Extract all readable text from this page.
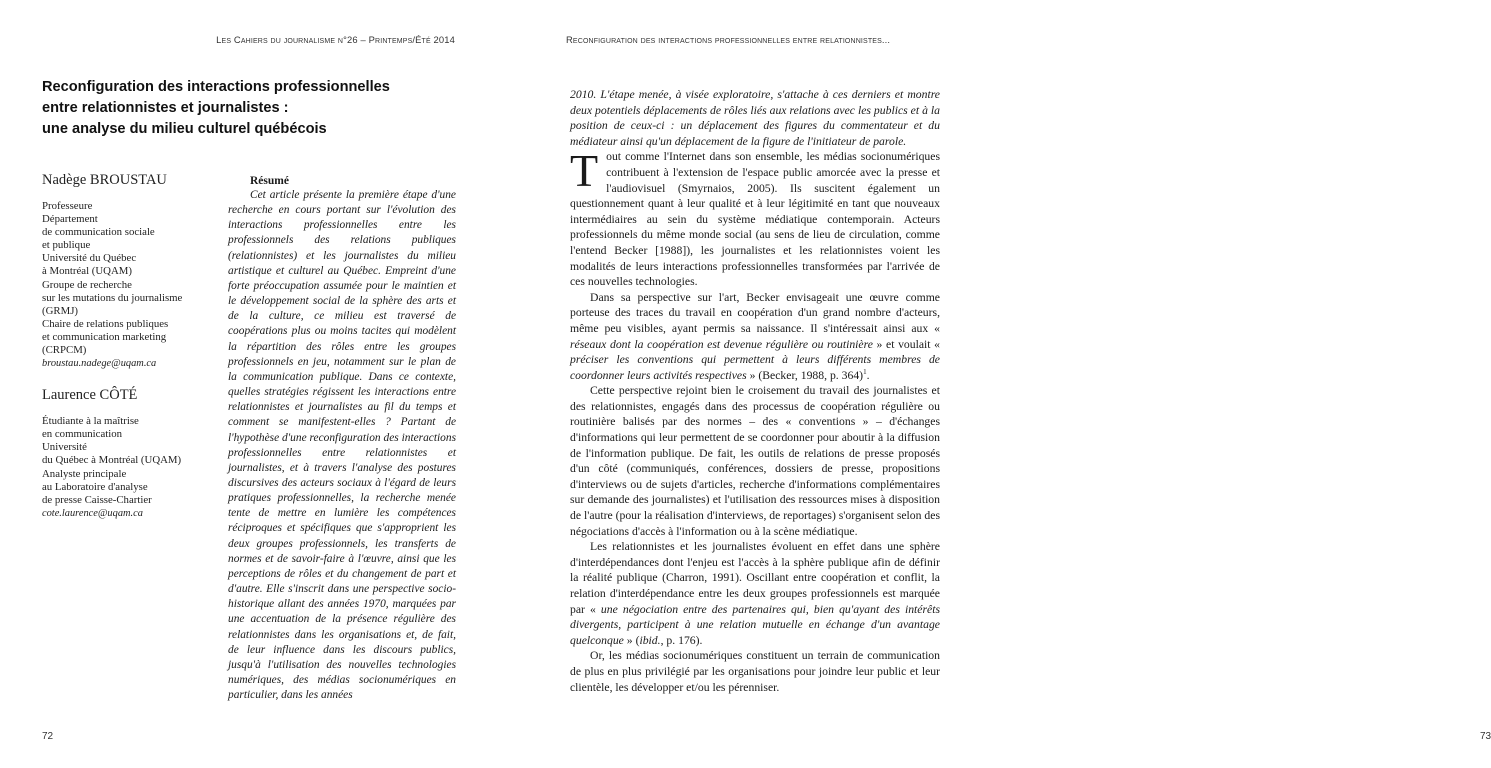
Les Cahiers du journalisme n°26 – Printemps/Été 2014
Reconfiguration des interactions professionnelles
entre relationnistes et journalistes :
une analyse du milieu culturel québécois
Nadège BROUSTAU
Professeure
Département
de communication sociale
et publique
Université du Québec
à Montréal (UQAM)
Groupe de recherche
sur les mutations du journalisme
(GRMJ)
Chaire de relations publiques
et communication marketing
(CRPCM)
broustau.nadege@uqam.ca
Laurence CÔTÉ
Étudiante à la maîtrise
en communication
Université
du Québec à Montréal (UQAM)
Analyste principale
au Laboratoire d'analyse
de presse Caisse-Chartier
cote.laurence@uqam.ca
Résumé

Cet article présente la première étape d'une recherche en cours portant sur l'évolution des interactions professionnelles entre les professionnels des relations publiques (relationnistes) et les journalistes du milieu artistique et culturel au Québec. Empreint d'une forte préoccupation assumée pour le maintien et le développement social de la sphère des arts et de la culture, ce milieu est traversé de coopérations plus ou moins tacites qui modèlent la répartition des rôles entre les groupes professionnels en jeu, notamment sur le plan de la communication publique. Dans ce contexte, quelles stratégies régissent les interactions entre relationnistes et journalistes au fil du temps et comment se manifestent-elles ? Partant de l'hypothèse d'une reconfiguration des interactions professionnelles entre relationnistes et journalistes, et à travers l'analyse des postures discursives des acteurs sociaux à l'égard de leurs pratiques professionnelles, la recherche menée tente de mettre en lumière les compétences réciproques et spécifiques que s'approprient les deux groupes professionnels, les transferts de normes et de savoir-faire à l'œuvre, ainsi que les perceptions de rôles et du changement de part et d'autre. Elle s'inscrit dans une perspective socio-historique allant des années 1970, marquées par une accentuation de la présence régulière des relationnistes dans les organisations et, de fait, de leur influence dans les discours publics, jusqu'à l'utilisation des nouvelles technologies numériques, des médias socionumériques en particulier, dans les années

72
Reconfiguration des interactions professionnelles entre relationnistes...
73

2010. L'étape menée, à visée exploratoire, s'attache à ces derniers et montre deux potentiels déplacements de rôles liés aux relations avec les publics et à la position de ceux-ci : un déplacement des figures du commentateur et du médiateur ainsi qu'un déplacement de la figure de l'initiateur de parole.

Tout comme l'Internet dans son ensemble, les médias socionumériques contribuent à l'extension de l'espace public amorcée avec la presse et l'audiovisuel (Smyrnaios, 2005). Ils suscitent également un questionnement quant à leur qualité et à leur légitimité en tant que nouveaux intermédiaires au sein du système médiatique contemporain. Acteurs professionnels du même monde social (au sens de lieu de circulation, comme l'entend Becker [1988]), les journalistes et les relationnistes voient les modalités de leurs interactions professionnelles transformées par l'arrivée de ces nouvelles technologies.

Dans sa perspective sur l'art, Becker envisageait une œuvre comme porteuse des traces du travail en coopération d'un grand nombre d'acteurs, même peu visibles, ayant permis sa naissance. Il s'intéressait ainsi aux « réseaux dont la coopération est devenue régulière ou routinière » et voulait « préciser les conventions qui permettent à leurs différents membres de coordonner leurs activités respectives » (Becker, 1988, p. 364)$^1$.

Cette perspective rejoint bien le croisement du travail des journalistes et des relationnistes, engagés dans des processus de coopération régulière ou routinière balisés par des normes – des « conventions » – d'échanges d'informations qui leur permettent de se coordonner pour aboutir à la diffusion de l'information publique. De fait, les outils de relations de presse proposés d'un côté (communiqués, conférences, dossiers de presse, propositions d'interviews ou de sujets d'articles, recherche d'informations complémentaires sur demande des journalistes) et l'utilisation des ressources mises à disposition de l'autre (pour la réalisation d'interviews, de reportages) s'organisent selon des négociations d'accès à l'information ou à la scène médiatique.

Les relationnistes et les journalistes évoluent en effet dans une sphère d'interdépendances dont l'enjeu est l'accès à la sphère publique afin de définir la réalité publique (Charron, 1991). Oscillant entre coopération et conflit, la relation d'interdépendance entre les deux groupes professionnels est marquée par « une négociation entre des partenaires qui, bien qu'ayant des intérêts divergents, participent à une relation mutuelle en échange d'un avantage quelconque » (ibid., p. 176).

Or, les médias socionumériques constituent un terrain de communication de plus en plus privilégié par les organisations pour joindre leur public et leur clientèle, les développer et/ou les pérenniser.
